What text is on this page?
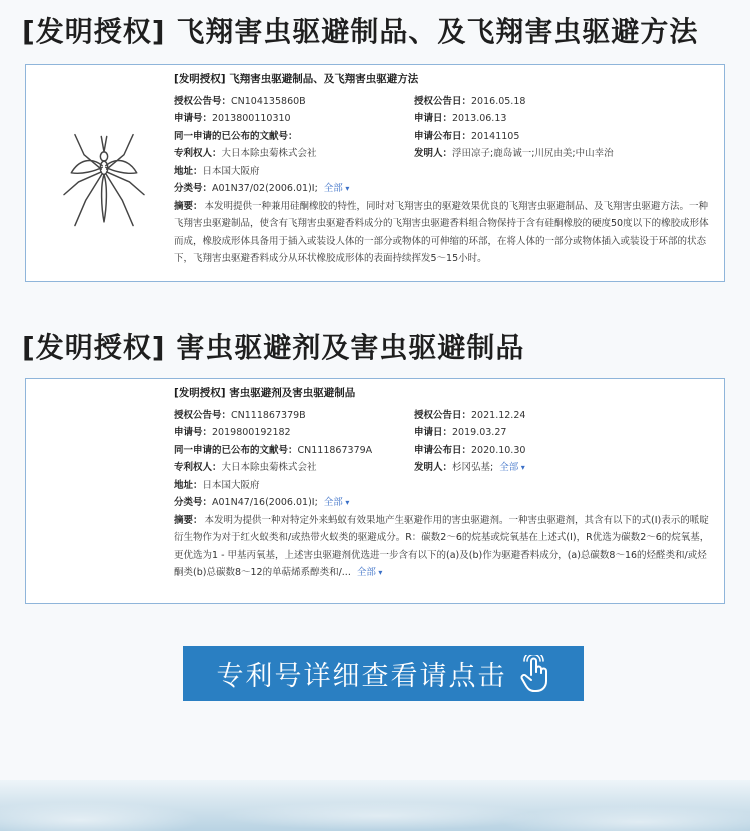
[发明授权] 飞翔害虫驱避制品、及飞翔害虫驱避方法
[发明授权] 飞翔害虫驱避制品、及飞翔害虫驱避方法
授权公告号：CN104135860B	授权公告日：2016.05.18
申请号：2013800110310	申请日：2013.06.13
同一申请的已公布的文献号：	申请公布日：20141105
专利权人：大日本除虫菊株式会社	发明人：浮田凉子;鹿岛诚一;川尻由美;中山幸治
地址：日本国大阪府
分类号：A01N37/02(2006.01)I; 全部 ▾
摘要： 本发明提供一种兼用硅酮橡胶的特性，同时对飞翔害虫的驱避效果优良的飞翔害虫驱避制品、及飞翔害虫驱避方法。一种飞翔害虫驱避制品，使含有飞翔害虫驱避香料成分的飞翔害虫驱避香料组合物保持于含有硅酮橡胶的硬度50度以下的橡胶成形体而成，橡胶成形体具备用于插入或装设人体的一部分或物体的可伸缩的环部，在将人体的一部分或物体插入或装设于环部的状态下，飞翔害虫驱避香料成分从环状橡胶成形体的表面持续挥发5～15小时。
[发明授权] 害虫驱避剂及害虫驱避制品
[发明授权] 害虫驱避剂及害虫驱避制品
授权公告号：CN111867379B	授权公告日：2021.12.24
申请号：2019800192182	申请日：2019.03.27
同一申请的已公布的文献号：CN111867379A	申请公布日：2020.10.30
专利权人：大日本除虫菊株式会社	发明人：杉冈弘基; 全部 ▾
地址：日本国大阪府
分类号：A01N47/16(2006.01)I; 全部 ▾
摘要： 本发明为提供一种对特定外来蚂蚁有效果地产生驱避作用的害虫驱避剂。一种害虫驱避剂，其含有以下的式(I)表示的哌啶衍生物作为对于红火蚁类和/或热带火蚁类的驱避成分。R：碳数2～6的烷基或烷氧基在上述式(I)，R优选为碳数2～6的烷氧基，更优选为1 - 甲基丙氧基，上述害虫驱避剂优选进一步含有以下的(a)及(b)作为驱避香料成分，(a)总碳数8～16的烃醛类和/或烃酮类(b)总碳数8～12的单萜烯系醇类和/... 全部 ▾
专利号详细查看请点击
